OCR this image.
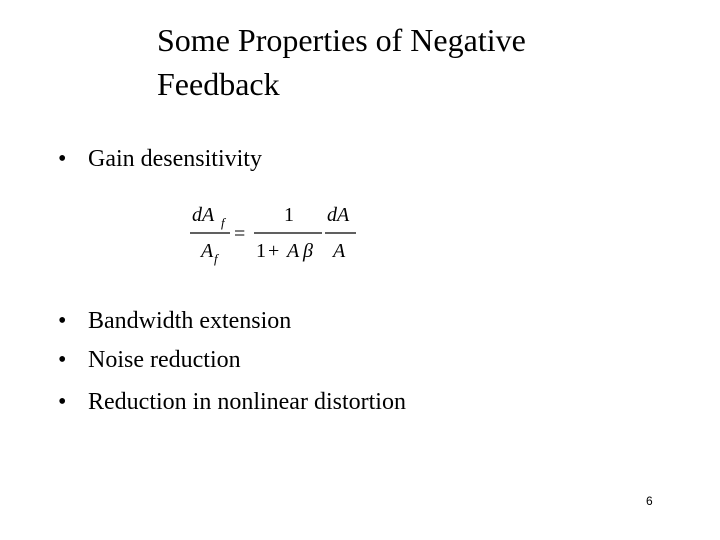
Some Properties of Negative
Feedback
• Gain desensitivity
dA f
A f
=
1
1 + A β
dA
A
• Bandwidth extension
• Noise reduction
• Reduction in nonlinear distortion
6
